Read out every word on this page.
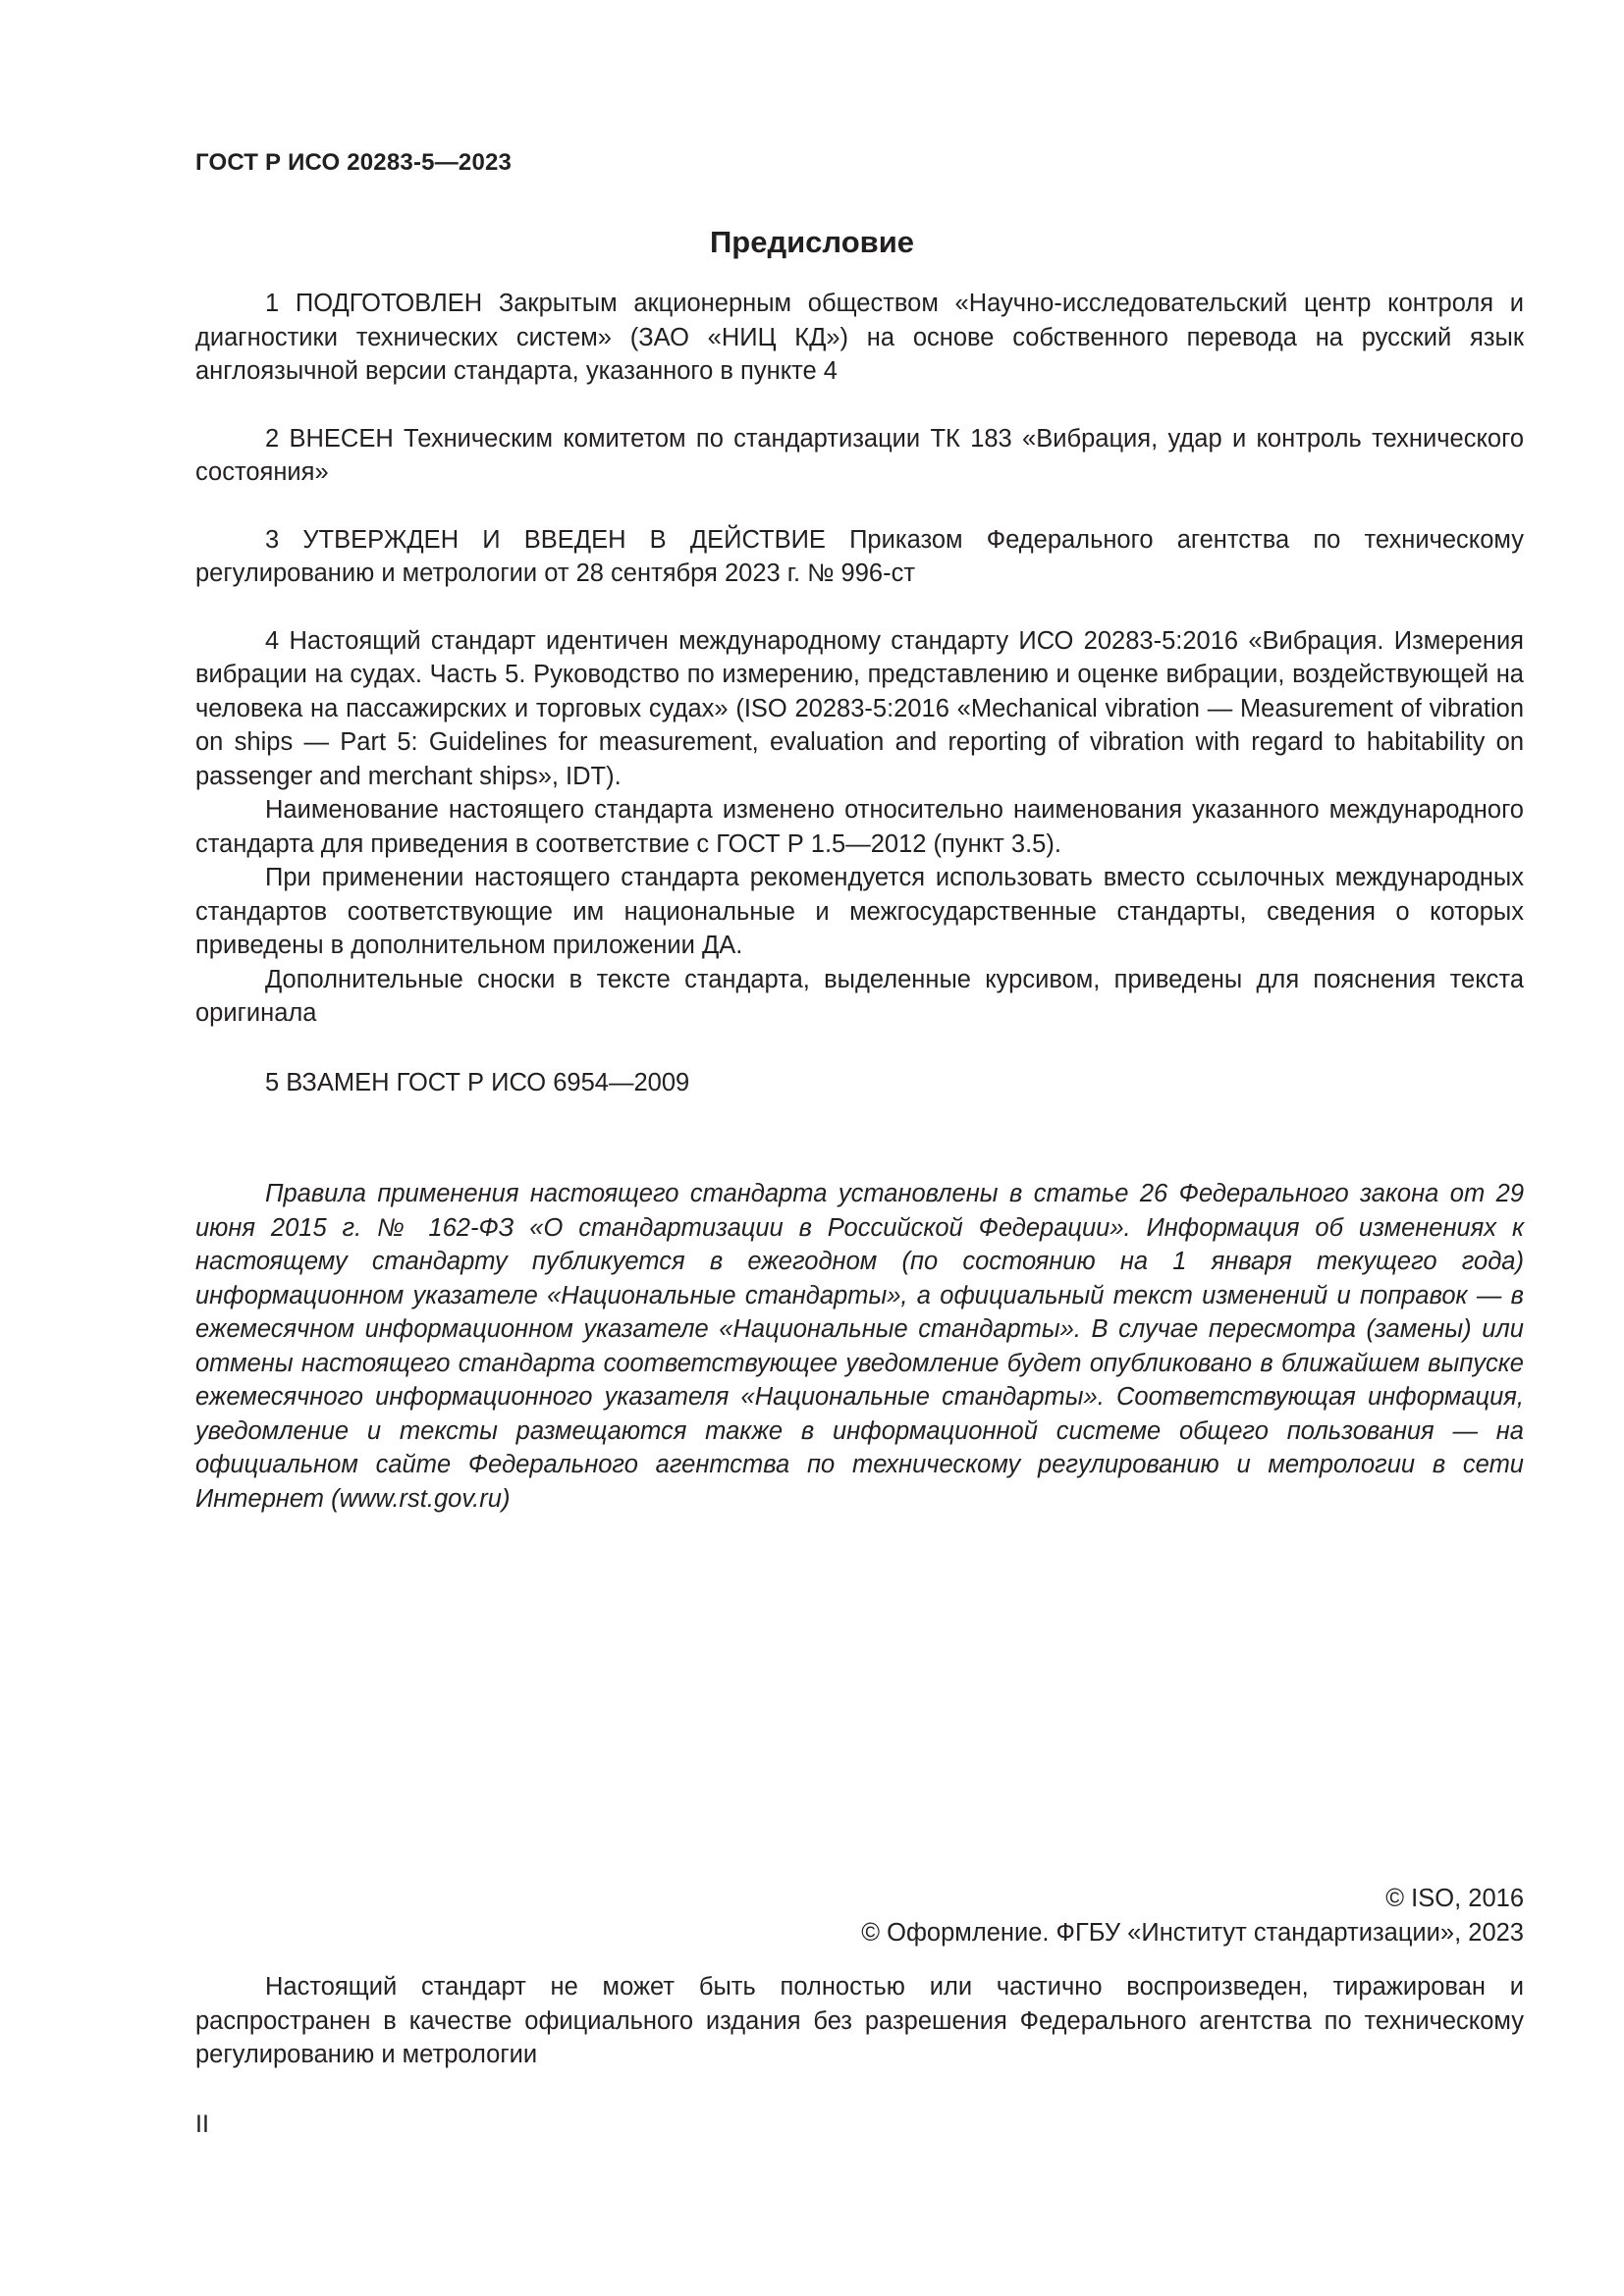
ГОСТ Р ИСО 20283-5—2023
Предисловие

1 ПОДГОТОВЛЕН Закрытым акционерным обществом «Научно-исследовательский центр контроля и диагностики технических систем» (ЗАО «НИЦ КД») на основе собственного перевода на русский язык англоязычной версии стандарта, указанного в пункте 4

2 ВНЕСЕН Техническим комитетом по стандартизации ТК 183 «Вибрация, удар и контроль технического состояния»

3 УТВЕРЖДЕН И ВВЕДЕН В ДЕЙСТВИЕ Приказом Федерального агентства по техническому регулированию и метрологии от 28 сентября 2023 г. № 996-ст

4 Настоящий стандарт идентичен международному стандарту ИСО 20283-5:2016 «Вибрация. Измерения вибрации на судах. Часть 5. Руководство по измерению, представлению и оценке вибрации, воздействующей на человека на пассажирских и торговых судах» (ISO 20283-5:2016 «Mechanical vibration — Measurement of vibration on ships — Part 5: Guidelines for measurement, evaluation and reporting of vibration with regard to habitability on passenger and merchant ships», IDT).

Наименование настоящего стандарта изменено относительно наименования указанного международного стандарта для приведения в соответствие с ГОСТ Р 1.5—2012 (пункт 3.5).

При применении настоящего стандарта рекомендуется использовать вместо ссылочных международных стандартов соответствующие им национальные и межгосударственные стандарты, сведения о которых приведены в дополнительном приложении ДА.

Дополнительные сноски в тексте стандарта, выделенные курсивом, приведены для пояснения текста оригинала

5 ВЗАМЕН ГОСТ Р ИСО 6954—2009

Правила применения настоящего стандарта установлены в статье 26 Федерального закона от 29 июня 2015 г. № 162-ФЗ «О стандартизации в Российской Федерации». Информация об изменениях к настоящему стандарту публикуется в ежегодном (по состоянию на 1 января текущего года) информационном указателе «Национальные стандарты», а официальный текст изменений и поправок — в ежемесячном информационном указателе «Национальные стандарты». В случае пересмотра (замены) или отмены настоящего стандарта соответствующее уведомление будет опубликовано в ближайшем выпуске ежемесячного информационного указателя «Национальные стандарты». Соответствующая информация, уведомление и тексты размещаются также в информационной системе общего пользования — на официальном сайте Федерального агентства по техническому регулированию и метрологии в сети Интернет (www.rst.gov.ru)

© ISO, 2016
© Оформление. ФГБУ «Институт стандартизации», 2023

Настоящий стандарт не может быть полностью или частично воспроизведен, тиражирован и распространен в качестве официального издания без разрешения Федерального агентства по техническому регулированию и метрологии

II
